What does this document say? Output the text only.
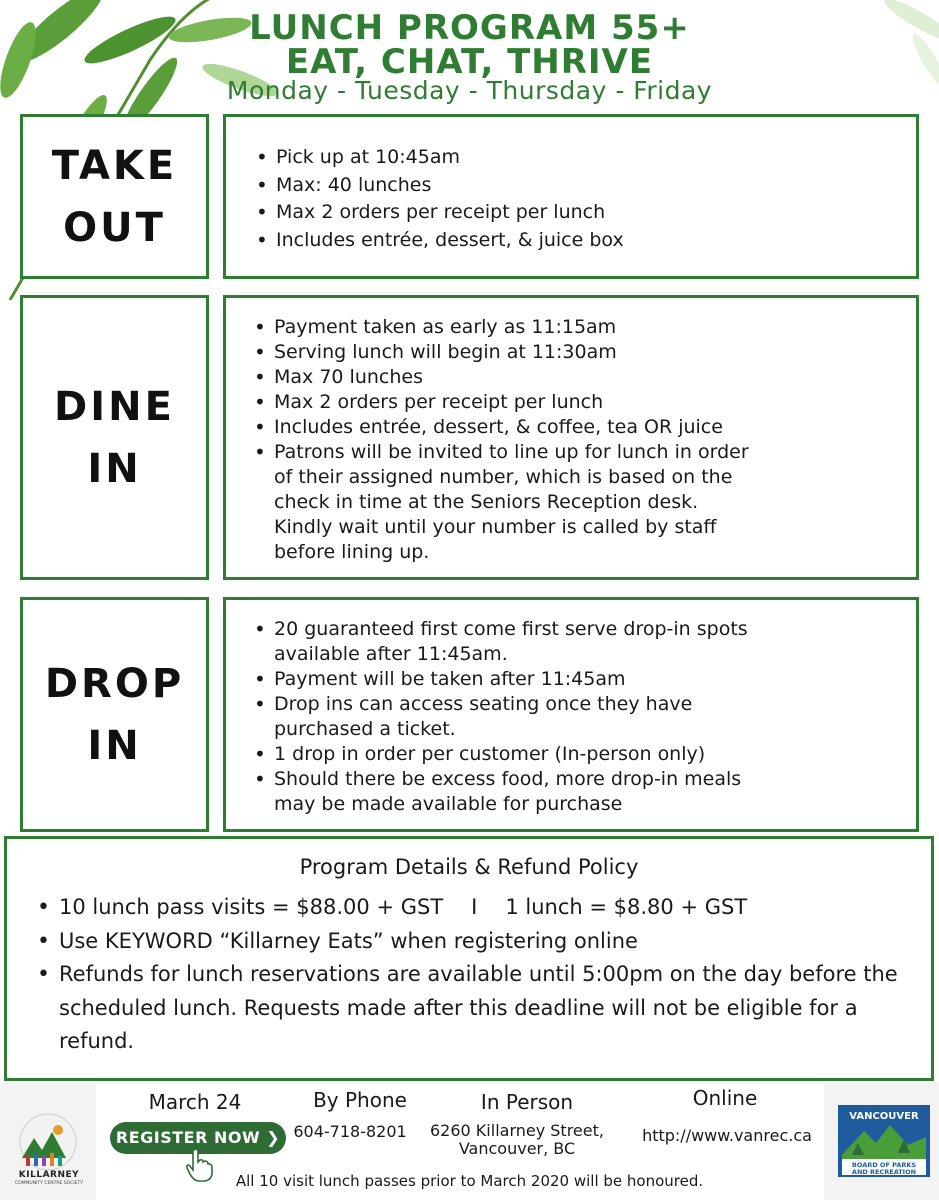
LUNCH PROGRAM 55+
EAT, CHAT, THRIVE
Monday - Tuesday - Thursday - Friday
TAKE
OUT
• Pick up at 10:45am
• Max: 40 lunches
• Max 2 orders per receipt per lunch
• Includes entrée, dessert, & juice box
DINE
IN
• Payment taken as early as 11:15am
• Serving lunch will begin at 11:30am
• Max 70 lunches
• Max 2 orders per receipt per lunch
• Includes entrée, dessert, & coffee, tea OR juice
• Patrons will be invited to line up for lunch in order of their assigned number, which is based on the check in time at the Seniors Reception desk. Kindly wait until your number is called by staff before lining up.
DROP
IN
• 20 guaranteed first come first serve drop-in spots available after 11:45am.
• Payment will be taken after 11:45am
• Drop ins can access seating once they have purchased a ticket.
• 1 drop in order per customer (In-person only)
• Should there be excess food, more drop-in meals may be made available for purchase
Program Details & Refund Policy
• 10 lunch pass visits = $88.00 + GST I 1 lunch = $8.80 + GST
• Use KEYWORD “Killarney Eats” when registering online
• Refunds for lunch reservations are available until 5:00pm on the day before the scheduled lunch. Requests made after this deadline will not be eligible for a refund.
KILLARNEY
COMMUNITY CENTRE SOCIETY
March 24
REGISTER NOW ❯
By Phone
604-718-8201
In Person
6260 Killarney Street,
Vancouver, BC
Online
http://www.vanrec.ca
VANCOUVER
BOARD OF PARKS
AND RECREATION
All 10 visit lunch passes prior to March 2020 will be honoured.
